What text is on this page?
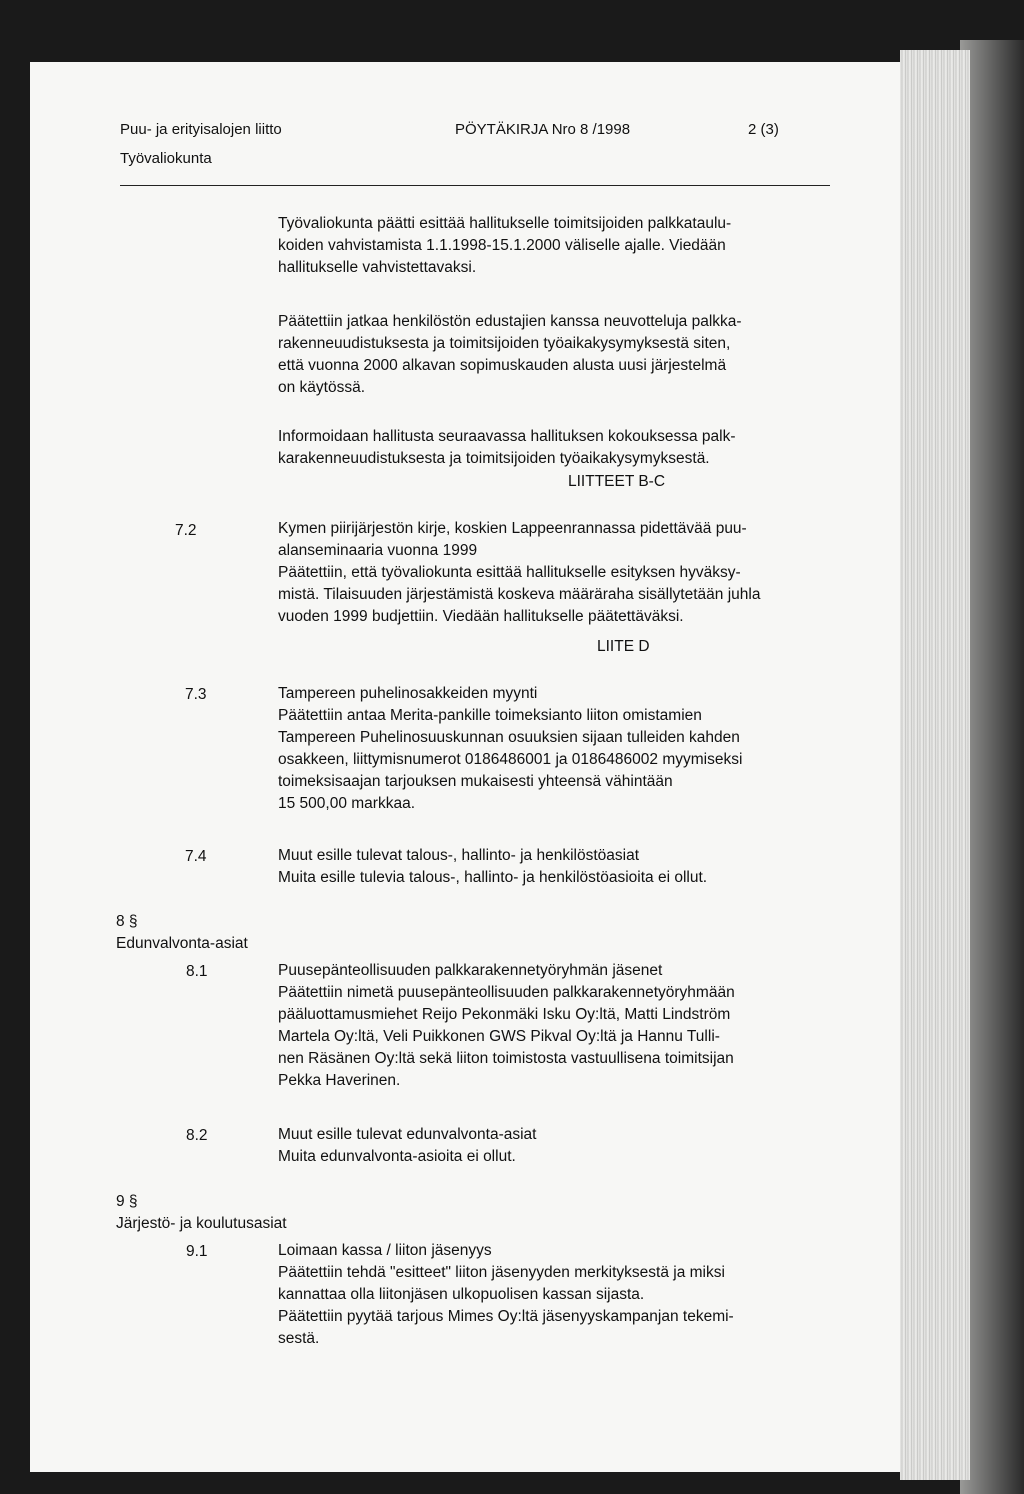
Puu- ja erityisalojen liitto
Työvaliokunta
PÖYTÄKIRJA Nro 8 /1998	2 (3)
Työvaliokunta päätti esittää hallitukselle toimitsijoiden palkkataulu-
koiden vahvistamista 1.1.1998-15.1.2000 väliselle ajalle. Viedään
hallitukselle vahvistettavaksi.
Päätettiin jatkaa henkilöstön edustajien kanssa neuvotteluja palkka-
rakenneuudistuksesta ja toimitsijoiden työaikakysymyksestä siten,
että vuonna 2000 alkavan sopimuskauden alusta uusi järjestelmä
on käytössä.
Informoidaan hallitusta seuraavassa hallituksen kokouksessa palk-
karakenneuudistuksesta ja toimitsijoiden työaikakysymyksestä.
LIITTEET B-C
7.2	Kymen piirijärjestön kirje, koskien Lappeenrannassa pidettävää puu-
alanseminaaria vuonna 1999
Päätettiin, että työvaliokunta esittää hallitukselle esityksen hyväksy-
mistä. Tilaisuuden järjestämistä koskeva määräraha sisällytetään juhla
vuoden 1999 budjettiin. Viedään hallitukselle päätettäväksi.
LIITE D
7.3	Tampereen puhelinosakkeiden myynti
Päätettiin antaa Merita-pankille toimeksianto liiton omistamien
Tampereen Puhelinosuuskunnan osuuksien sijaan tulleiden kahden
osakkeen, liittymisnumerot 0186486001 ja 0186486002 myymiseksi
toimeksisaajan tarjouksen mukaisesti yhteensä vähintään
15 500,00 markkaa.
7.4	Muut esille tulevat talous-, hallinto- ja henkilöstöasiat
Muita esille tulevia talous-, hallinto- ja henkilöstöasioita ei ollut.
8 §
Edunvalvonta-asiat
8.1	Puusepänteollisuuden palkkarakennetyöryhmän jäsenet
Päätettiin nimetä puusepänteollisuuden palkkarakennetyöryhmään
pääluottamusmiehet Reijo Pekonmäki Isku Oy:ltä, Matti Lindström
Martela Oy:ltä, Veli Puikkonen GWS Pikval Oy:ltä ja Hannu Tulli-
nen Räsänen Oy:ltä sekä liiton toimistosta vastuullisena toimitsijan
Pekka Haverinen.
8.2	Muut esille tulevat edunvalvonta-asiat
Muita edunvalvonta-asioita ei ollut.
9 §
Järjestö- ja koulutusasiat
9.1	Loimaan kassa / liiton jäsenyys
Päätettiin tehdä "esitteet" liiton jäsenyyden merkityksestä ja miksi
kannattaa olla liitonjäsen ulkopuolisen kassan sijasta.
Päätettiin pyytää tarjous Mimes Oy:ltä jäsenyyskampanjan tekemi-
sestä.
